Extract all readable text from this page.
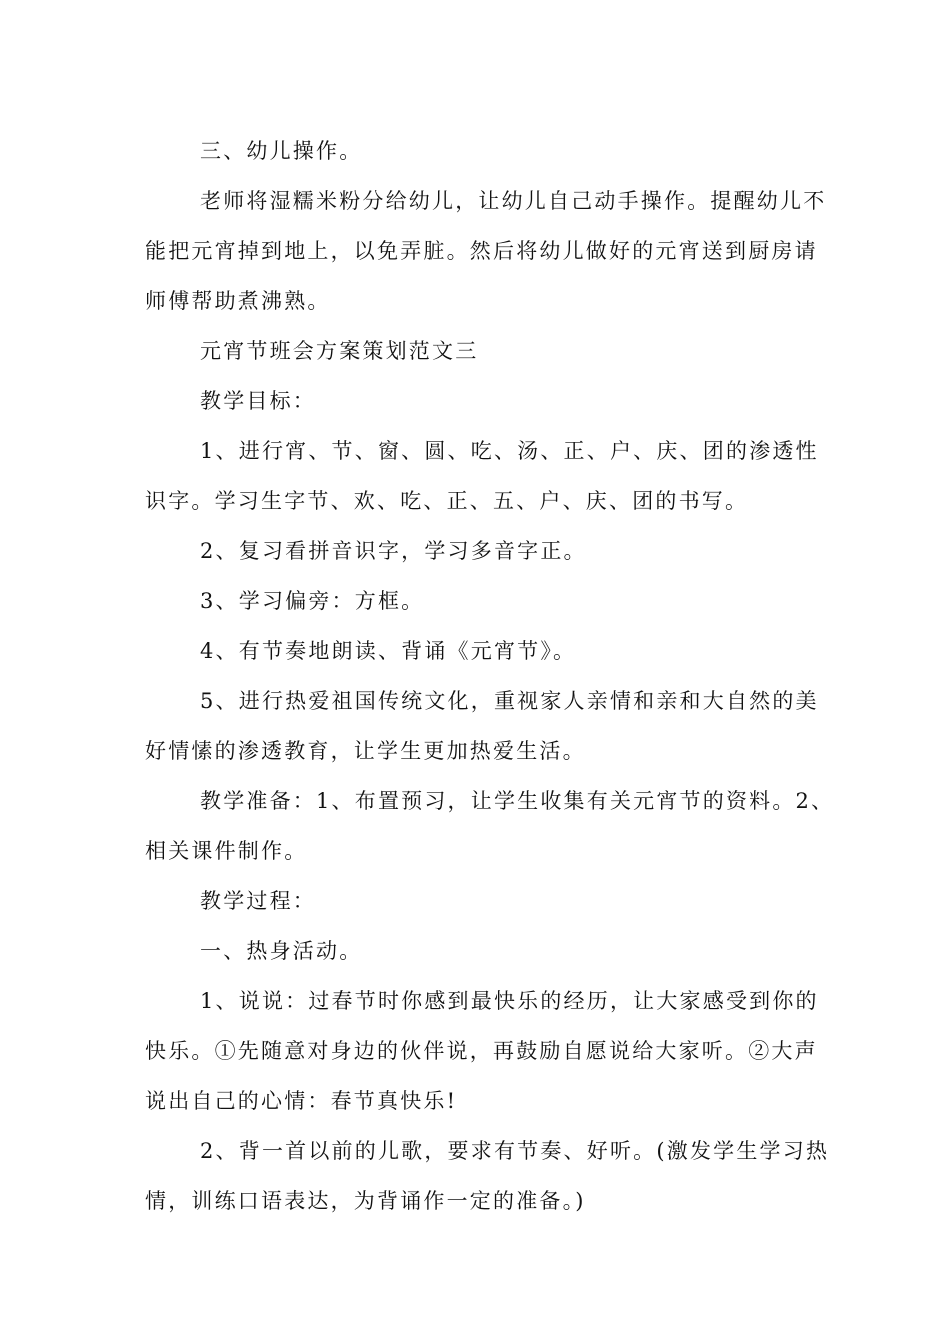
三、幼儿操作。

老师将湿糯米粉分给幼儿，让幼儿自己动手操作。提醒幼儿不

能把元宵掉到地上，以免弄脏。然后将幼儿做好的元宵送到厨房请

师傅帮助煮沸熟。

元宵节班会方案策划范文三

教学目标：

1、进行宵、节、窗、圆、吃、汤、正、户、庆、团的渗透性

识字。学习生字节、欢、吃、正、五、户、庆、团的书写。

2、复习看拼音识字，学习多音字正。

3、学习偏旁：方框。

4、有节奏地朗读、背诵《元宵节》。

5、进行热爱祖国传统文化，重视家人亲情和亲和大自然的美

好情愫的渗透教育，让学生更加热爱生活。

教学准备：1、布置预习，让学生收集有关元宵节的资料。2、

相关课件制作。

教学过程：

一、热身活动。

1、说说：过春节时你感到最快乐的经历，让大家感受到你的

快乐。①先随意对身边的伙伴说，再鼓励自愿说给大家听。②大声

说出自己的心情：春节真快乐!

2、背一首以前的儿歌，要求有节奏、好听。(激发学生学习热

情，训练口语表达，为背诵作一定的准备。)
